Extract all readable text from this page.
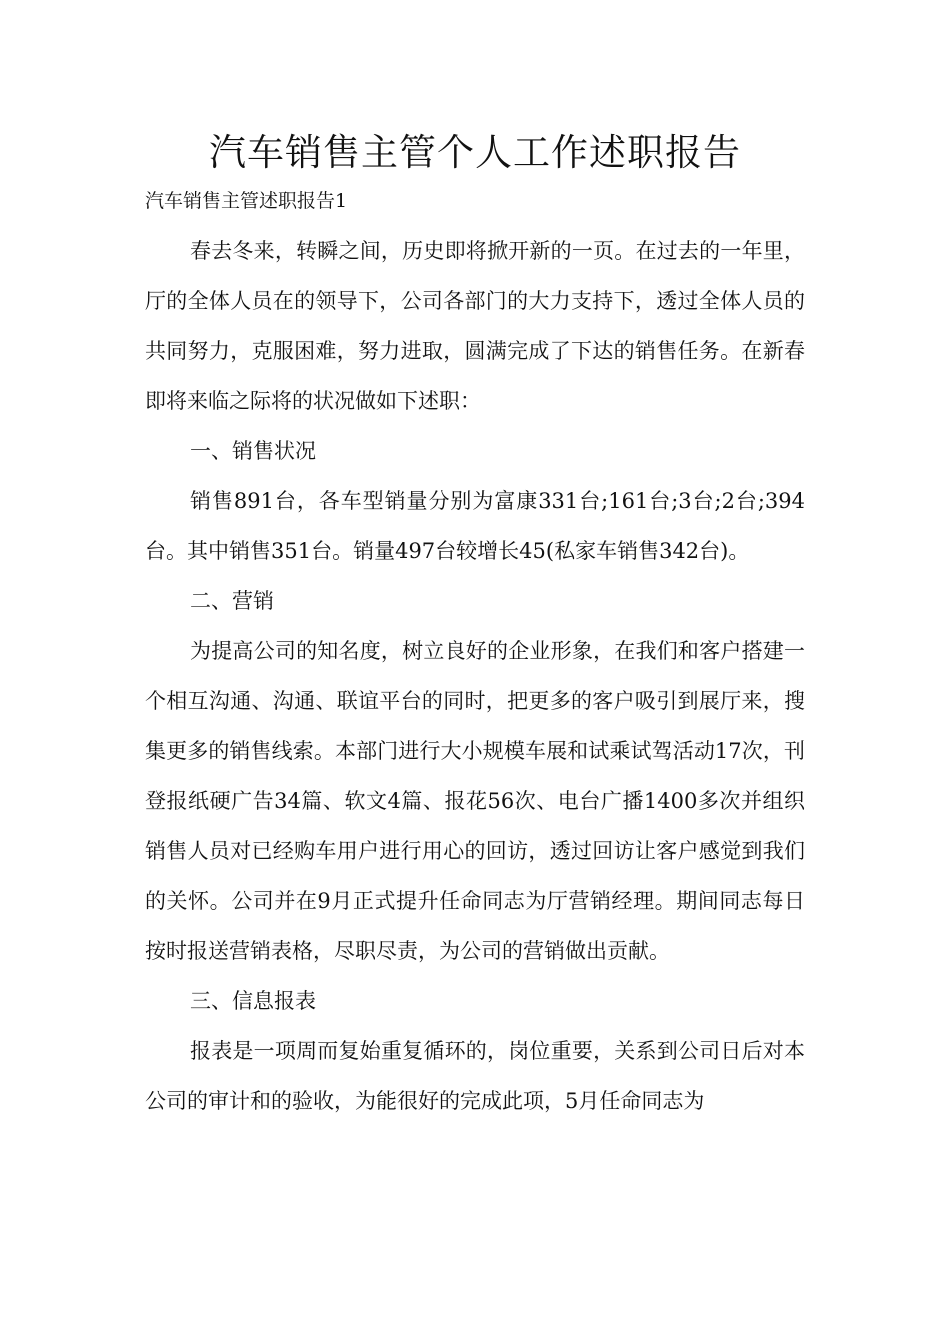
汽车销售主管个人工作述职报告

汽车销售主管述职报告1

春去冬来，转瞬之间，历史即将掀开新的一页。在过去的一年里，厅的全体人员在的领导下，公司各部门的大力支持下，透过全体人员的共同努力，克服困难，努力进取，圆满完成了下达的销售任务。在新春即将来临之际将的状况做如下述职：

一、销售状况

销售891台，各车型销量分别为富康331台;161台;3台;2台;394台。其中销售351台。销量497台较增长45(私家车销售342台)。

二、营销

为提高公司的知名度，树立良好的企业形象，在我们和客户搭建一个相互沟通、沟通、联谊平台的同时，把更多的客户吸引到展厅来，搜集更多的销售线索。本部门进行大小规模车展和试乘试驾活动17次，刊登报纸硬广告34篇、软文4篇、报花56次、电台广播1400多次并组织销售人员对已经购车用户进行用心的回访，透过回访让客户感觉到我们的关怀。公司并在9月正式提升任命同志为厅营销经理。期间同志每日按时报送营销表格，尽职尽责，为公司的营销做出贡献。

三、信息报表

报表是一项周而复始重复循环的，岗位重要，关系到公司日后对本公司的审计和的验收，为能很好的完成此项，5月任命同志为
